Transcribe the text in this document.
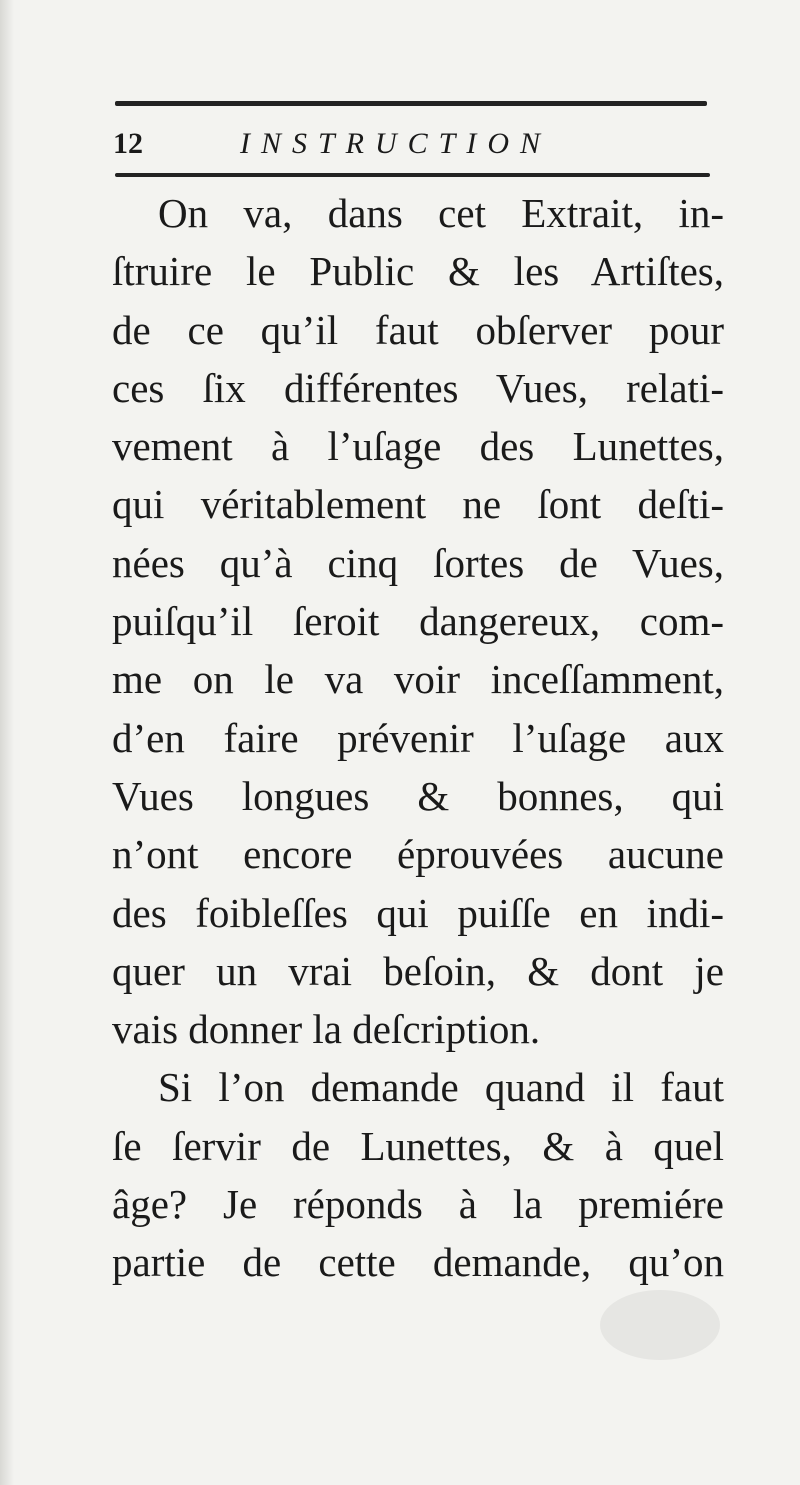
12	INSTRUCTION
On va, dans cet Extrait, in-
ſtruire le Public & les Artiſtes,
de ce qu’il faut obſerver pour
ces ſix différentes Vues, relati-
vement à l’uſage des Lunettes,
qui véritablement ne ſont deſti-
nées qu’à cinq ſortes de Vues,
puiſqu’il ſeroit dangereux, com-
me on le va voir inceſſamment,
d’en faire prévenir l’uſage aux
Vues longues & bonnes, qui
n’ont encore éprouvées aucune
des foibleſſes qui puiſſe en indi-
quer un vrai beſoin, & dont je
vais donner la deſcription.
Si l’on demande quand il faut
ſe ſervir de Lunettes, & à quel
âge? Je réponds à la premiére
partie de cette demande, qu’on
